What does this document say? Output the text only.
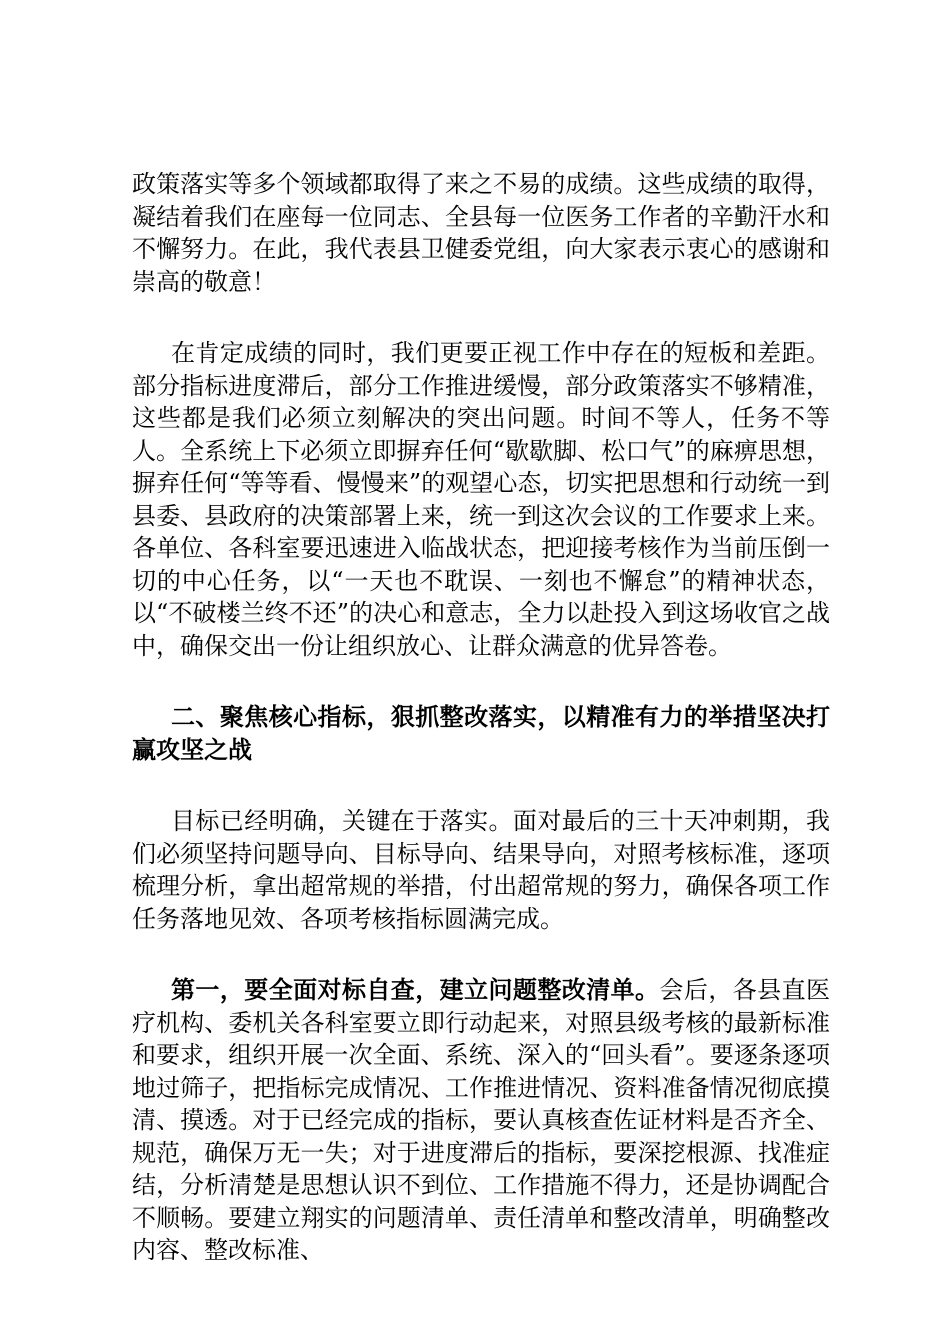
政策落实等多个领域都取得了来之不易的成绩。这些成绩的取得，凝结着我们在座每一位同志、全县每一位医务工作者的辛勤汗水和不懈努力。在此，我代表县卫健委党组，向大家表示衷心的感谢和崇高的敬意！

在肯定成绩的同时，我们更要正视工作中存在的短板和差距。部分指标进度滞后，部分工作推进缓慢，部分政策落实不够精准，这些都是我们必须立刻解决的突出问题。时间不等人，任务不等人。全系统上下必须立即摒弃任何“歇歇脚、松口气”的麻痹思想，摒弃任何“等等看、慢慢来”的观望心态，切实把思想和行动统一到县委、县政府的决策部署上来，统一到这次会议的工作要求上来。各单位、各科室要迅速进入临战状态，把迎接考核作为当前压倒一切的中心任务，以“一天也不耽误、一刻也不懈怠”的精神状态，以“不破楼兰终不还”的决心和意志，全力以赴投入到这场收官之战中，确保交出一份让组织放心、让群众满意的优异答卷。

二、聚焦核心指标，狠抓整改落实，以精准有力的举措坚决打赢攻坚之战

目标已经明确，关键在于落实。面对最后的三十天冲刺期，我们必须坚持问题导向、目标导向、结果导向，对照考核标准，逐项梳理分析，拿出超常规的举措，付出超常规的努力，确保各项工作任务落地见效、各项考核指标圆满完成。

第一，要全面对标自查，建立问题整改清单。会后，各县直医疗机构、委机关各科室要立即行动起来，对照县级考核的最新标准和要求，组织开展一次全面、系统、深入的“回头看”。要逐条逐项地过筛子，把指标完成情况、工作推进情况、资料准备情况彻底摸清、摸透。对于已经完成的指标，要认真核查佐证材料是否齐全、规范，确保万无一失；对于进度滞后的指标，要深挖根源、找准症结，分析清楚是思想认识不到位、工作措施不得力，还是协调配合不顺畅。要建立翔实的问题清单、责任清单和整改清单，明确整改内容、整改标准、
